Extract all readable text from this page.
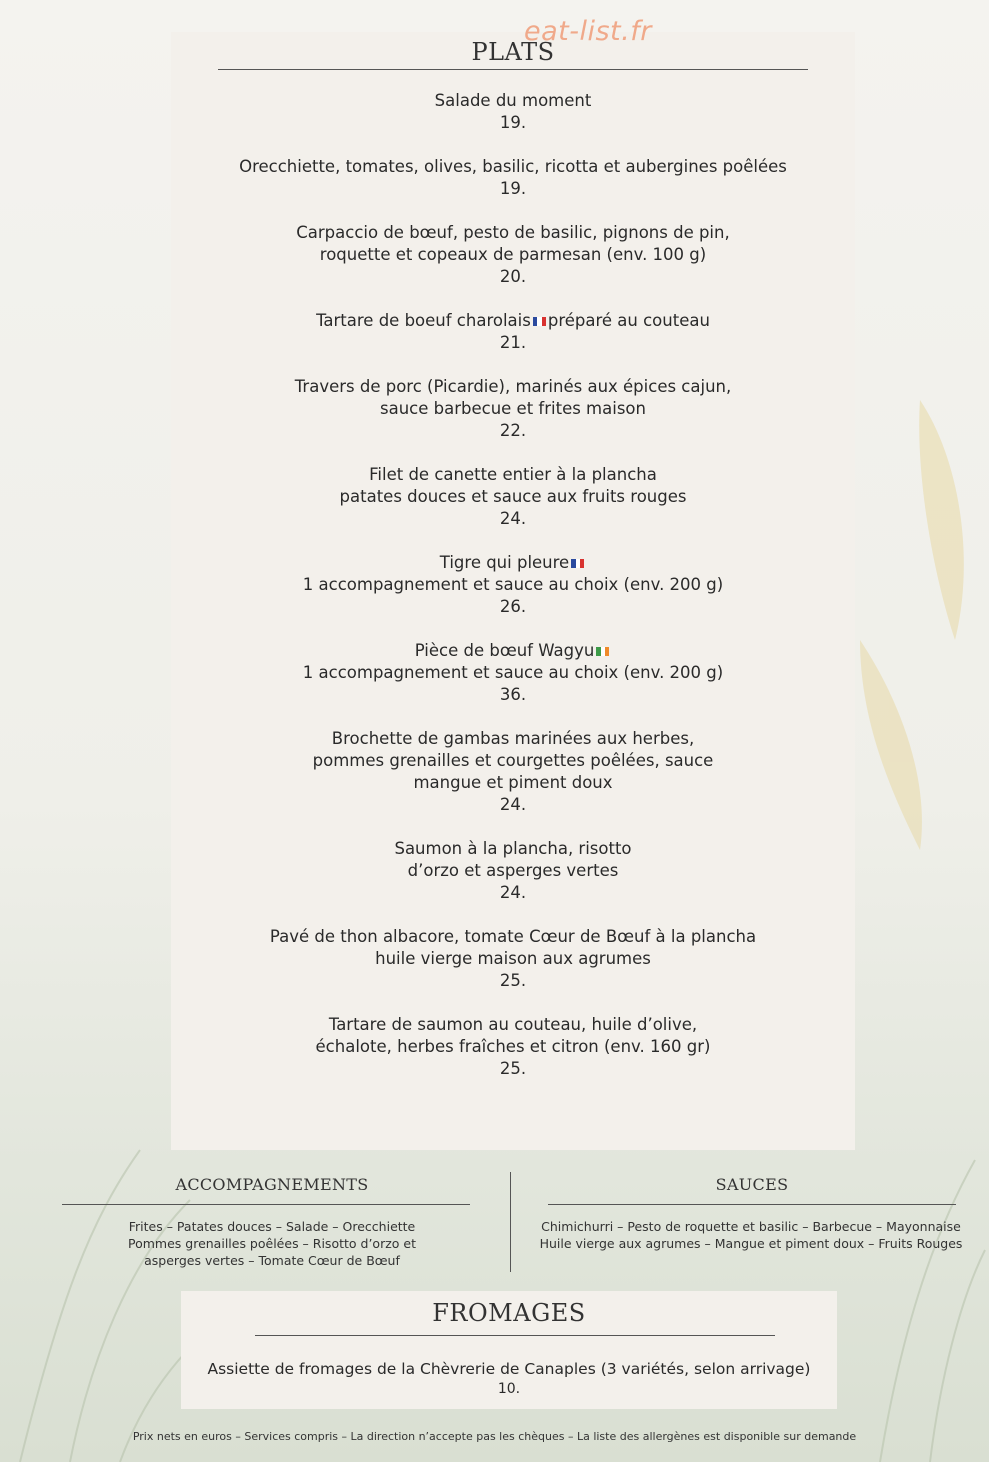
PLATS
eat-list.fr
Salade du moment
19.
Orecchiette, tomates, olives, basilic, ricotta et aubergines poêlées
19.
Carpaccio de bœuf, pesto de basilic, pignons de pin,
roquette et copeaux de parmesan (env. 100 g)
20.
Tartare de boeuf charolais préparé au couteau
21.
Travers de porc (Picardie), marinés aux épices cajun,
sauce barbecue et frites maison
22.
Filet de canette entier à la plancha
patates douces et sauce aux fruits rouges
24.
Tigre qui pleure
1 accompagnement et sauce au choix (env. 200 g)
26.
Pièce de bœuf Wagyu
1 accompagnement et sauce au choix (env. 200 g)
36.
Brochette de gambas marinées aux herbes,
pommes grenailles et courgettes poêlées, sauce
mangue et piment doux
24.
Saumon à la plancha, risotto
d’orzo et asperges vertes
24.
Pavé de thon albacore, tomate Cœur de Bœuf à la plancha
huile vierge maison aux agrumes
25.
Tartare de saumon au couteau, huile d’olive,
échalote, herbes fraîches et citron (env. 160 gr)
25.
ACCOMPAGNEMENTS
Frites – Patates douces – Salade – Orecchiette
Pommes grenailles poêlées – Risotto d’orzo et
asperges vertes – Tomate Cœur de Bœuf
SAUCES
Chimichurri – Pesto de roquette et basilic – Barbecue – Mayonnaise
Huile vierge aux agrumes – Mangue et piment doux – Fruits Rouges
FROMAGES
Assiette de fromages de la Chèvrerie de Canaples (3 variétés, selon arrivage)
10.
Prix nets en euros – Services compris – La direction n’accepte pas les chèques – La liste des allergènes est disponible sur demande
